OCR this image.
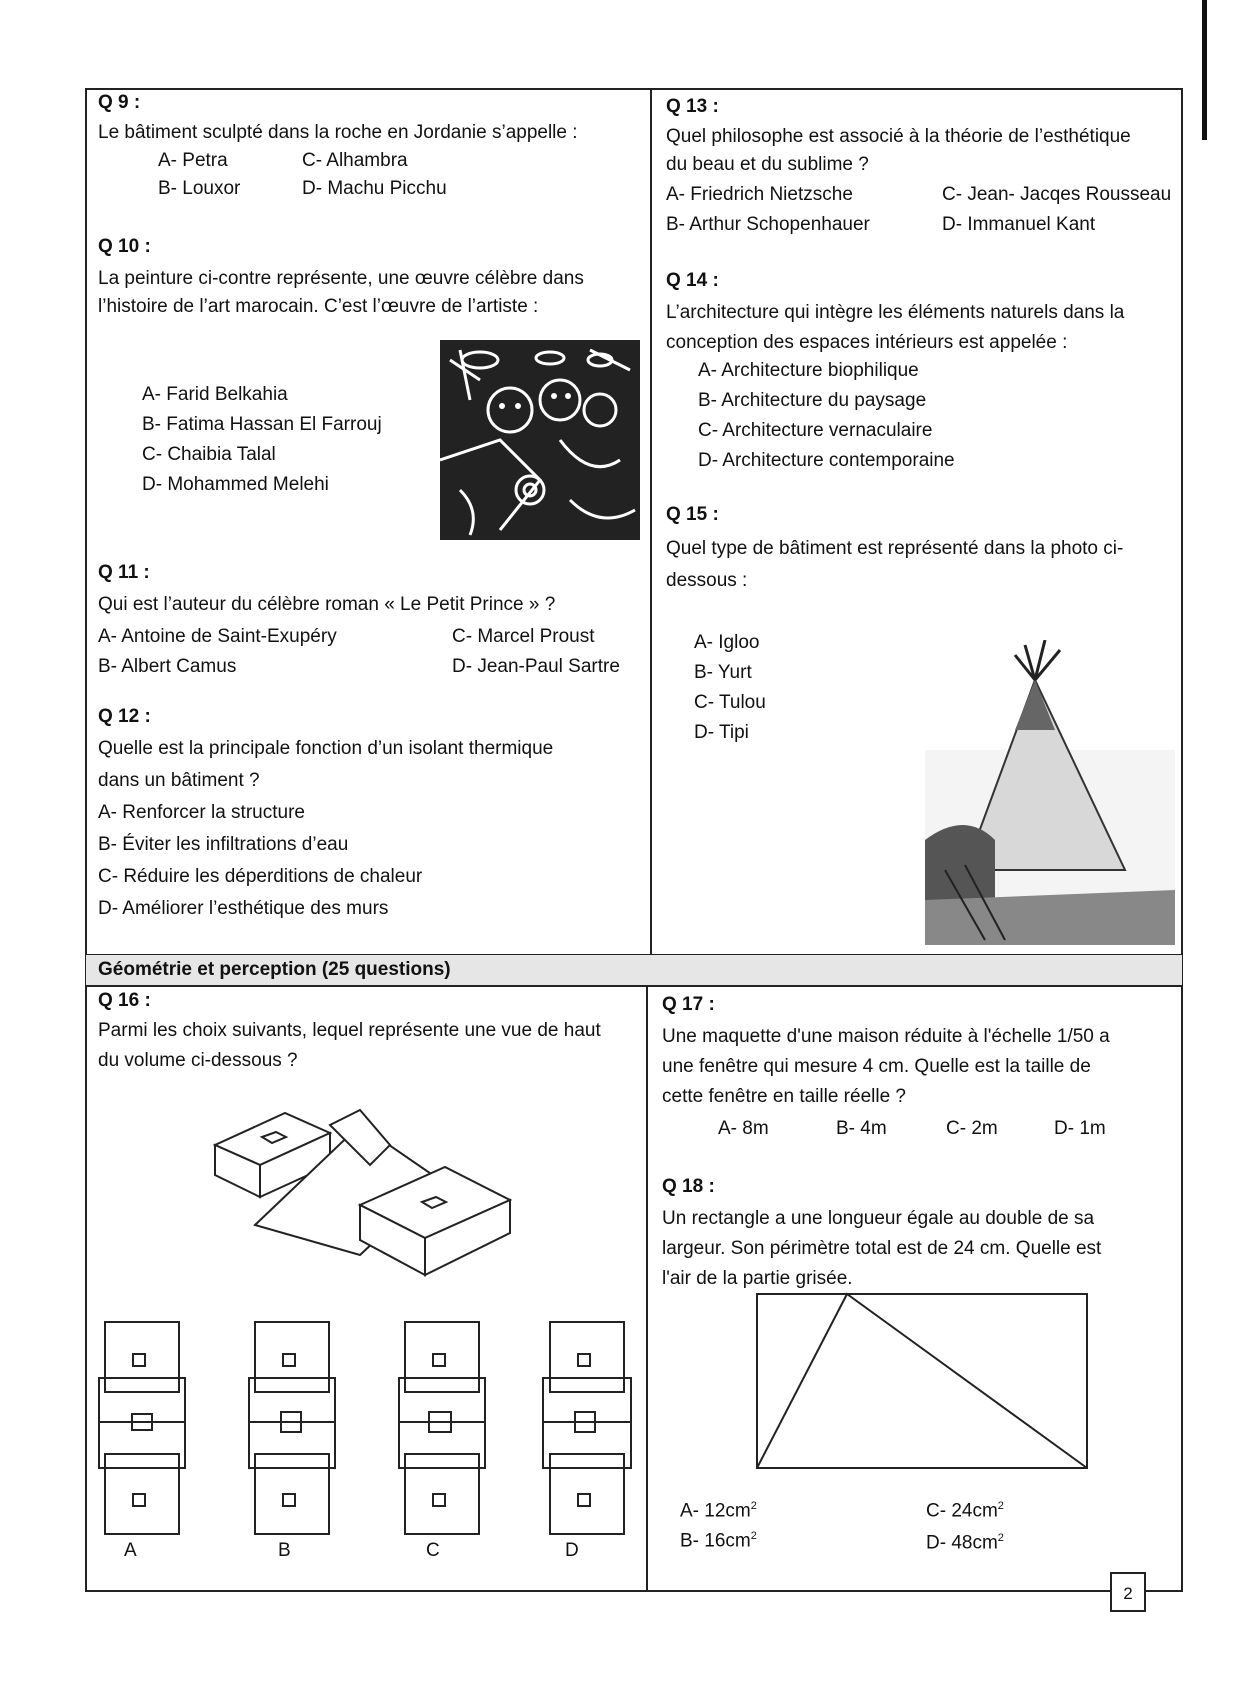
Géométrie et perception (25 questions)
Q 9 :
Le bâtiment sculpté dans la roche en Jordanie s’appelle :
A- Petra	C- Alhambra
B- Louxor	D- Machu Picchu
Q 10 :
La peinture ci-contre représente, une œuvre célèbre dans
l’histoire de l’art marocain. C’est l’œuvre de l’artiste :
A- Farid Belkahia
B- Fatima Hassan El Farrouj
C- Chaibia Talal
D- Mohammed Melehi
Q 11 :
Qui est l’auteur du célèbre roman « Le Petit Prince » ?
A- Antoine de Saint-Exupéry	C- Marcel Proust
B- Albert Camus	D- Jean-Paul Sartre
Q 12 :
Quelle est la principale fonction d’un isolant thermique
dans un bâtiment ?
A- Renforcer la structure
B- Éviter les infiltrations d’eau
C- Réduire les déperditions de chaleur
D- Améliorer l’esthétique des murs
Q 13 :
Quel philosophe est associé à la théorie de l’esthétique
du beau et du sublime ?
A- Friedrich Nietzsche	C- Jean- Jacqes Rousseau
B- Arthur Schopenhauer	D- Immanuel Kant
Q 14 :
L’architecture qui intègre les éléments naturels dans la
conception des espaces intérieurs est appelée :
A- Architecture biophilique
B- Architecture du paysage
C- Architecture vernaculaire
D- Architecture contemporaine
Q 15 :
Quel type de bâtiment est représenté dans la photo ci-
dessous :
A- Igloo
B- Yurt
C- Tulou
D- Tipi
Q 16 :
Parmi les choix suivants, lequel représente une vue de haut
du volume ci-dessous ?
A	B	C	D
Q 17 :
Une maquette d'une maison réduite à l'échelle 1/50 a
une fenêtre qui mesure 4 cm. Quelle est la taille de
cette fenêtre en taille réelle ?
A- 8m	B- 4m	C- 2m	D- 1m
Q 18 :
Un rectangle a une longueur égale au double de sa
largeur. Son périmètre total est de 24 cm. Quelle est
l'air de la partie grisée.
A- $12cm^2$	C- $24cm^2$
B- $16cm^2$	D- $48cm^2$
2
